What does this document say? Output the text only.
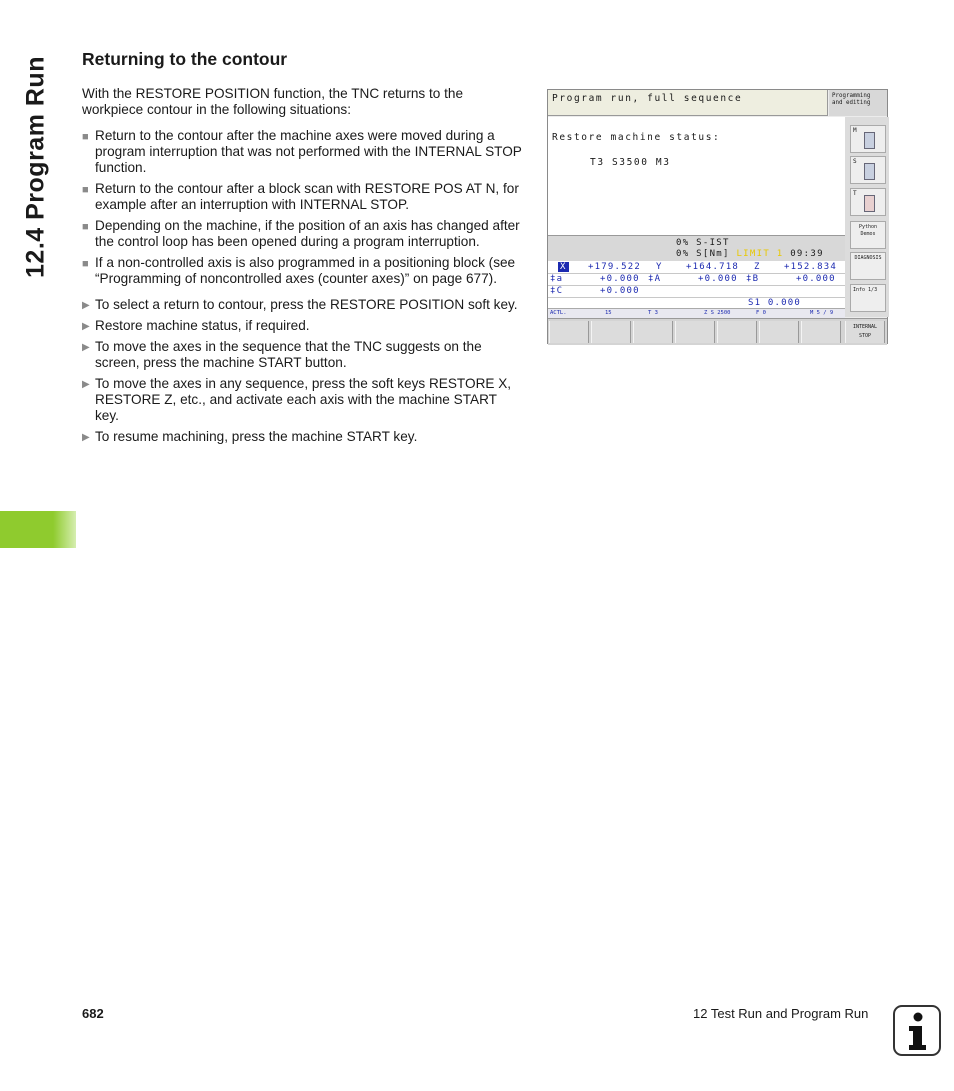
12.4 Program Run Returning to the contour

With the RESTORE POSITION function, the TNC returns to the workpiece contour in the following situations:

■ Return to the contour after the machine axes were moved during a program interruption that was not performed with the INTERNAL STOP function.
■ Return to the contour after a block scan with RESTORE POS AT N, for example after an interruption with INTERNAL STOP.
■ Depending on the machine, if the position of an axis has changed after the control loop has been opened during a program interruption.
■ If a non-controlled axis is also programmed in a positioning block (see “Programming of noncontrolled axes (counter axes)” on page 677).
▶ To select a return to contour, press the RESTORE POSITION soft key.
▶ Restore machine status, if required.
▶ To move the axes in the sequence that the TNC suggests on the screen, press the machine START button.
▶ To move the axes in any sequence, press the soft keys RESTORE X, RESTORE Z, etc., and activate each axis with the machine START key.
▶ To resume machining, press the machine START key.
Program run, full sequence	Programming
and editing
Restore machine status:
T3 S3500 M3
M
S
T
Python Demos
DIAGNOSIS
Info 1/3
0% S-IST
0% S[Nm] LIMIT 1 09:39
X +179.522 Y	+164.718 Z	+152.834
‡a	+0.000 ‡A	+0.000 ‡B	+0.000
‡C	+0.000
S1 0.000
ACTL.	15	T 3	Z S 2500	F 0	M 5 / 9
INTERNAL
STOP
682	12 Test Run and Program Run
